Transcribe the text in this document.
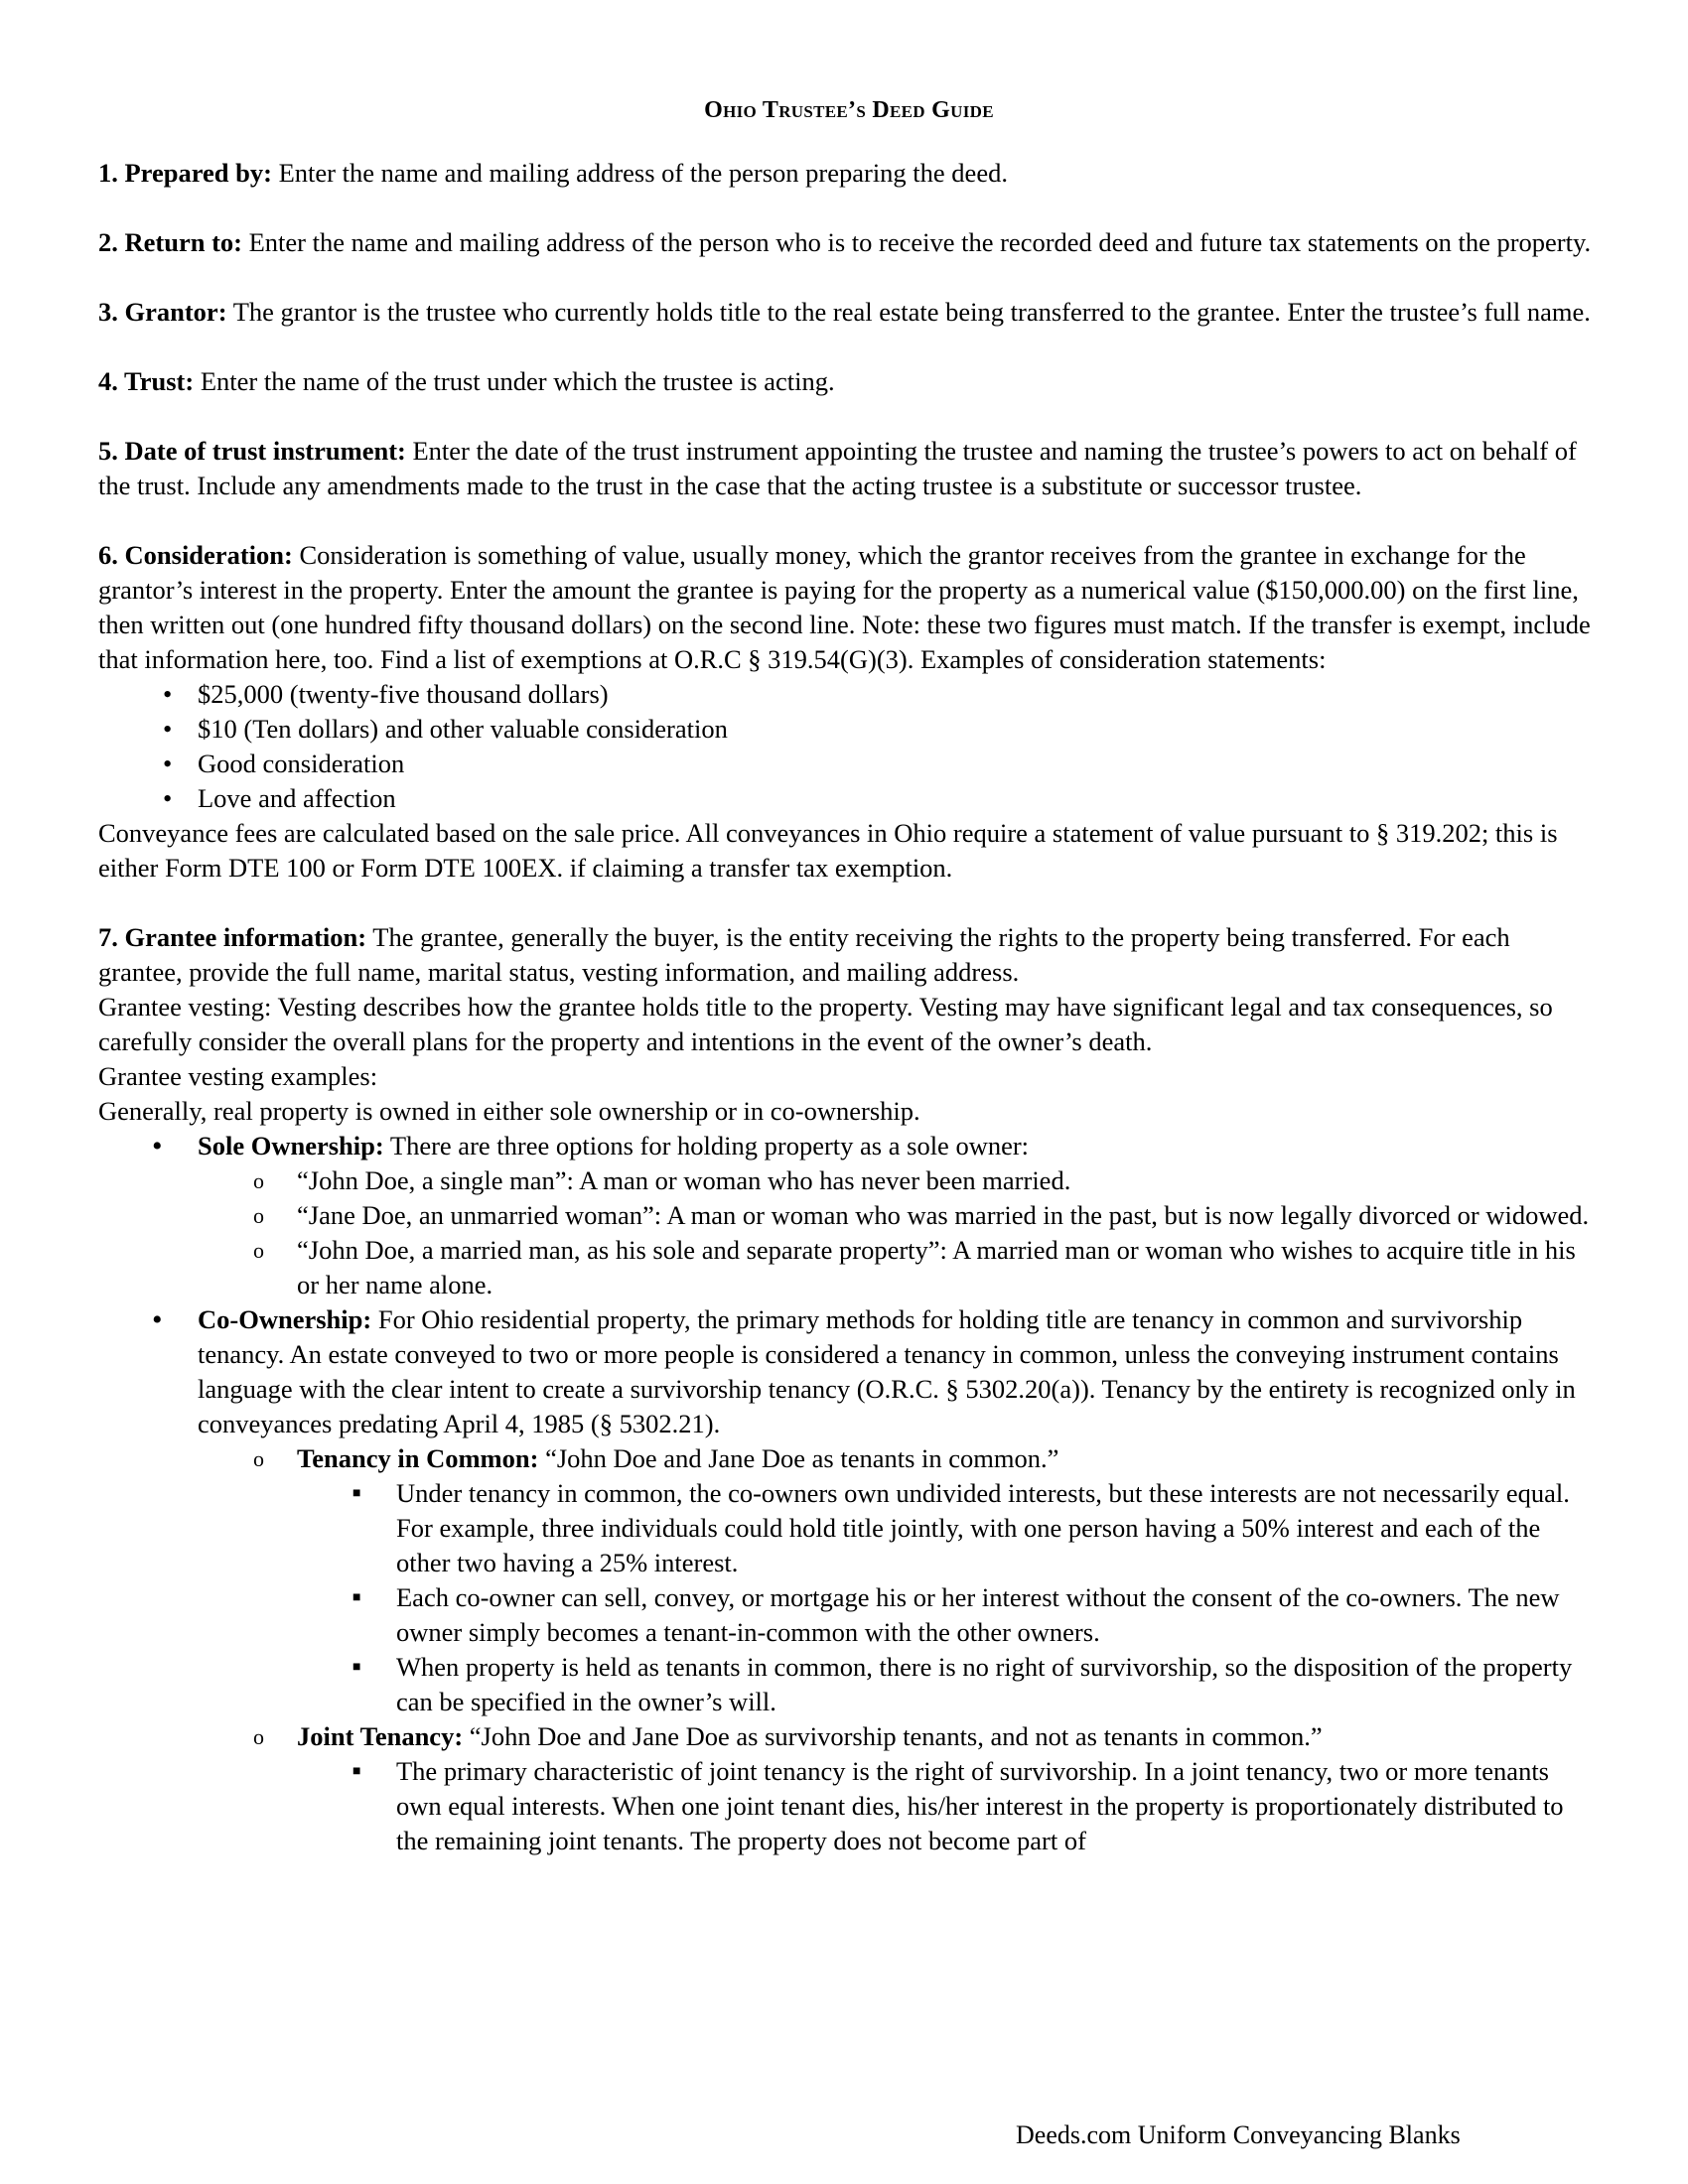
Ohio Trustee’s Deed Guide

1. Prepared by: Enter the name and mailing address of the person preparing the deed.

2. Return to: Enter the name and mailing address of the person who is to receive the recorded deed and future tax statements on the property.

3. Grantor: The grantor is the trustee who currently holds title to the real estate being transferred to the grantee. Enter the trustee’s full name.

4. Trust: Enter the name of the trust under which the trustee is acting.

5. Date of trust instrument: Enter the date of the trust instrument appointing the trustee and naming the trustee’s powers to act on behalf of the trust. Include any amendments made to the trust in the case that the acting trustee is a substitute or successor trustee.

6. Consideration: Consideration is something of value, usually money, which the grantor receives from the grantee in exchange for the grantor’s interest in the property. Enter the amount the grantee is paying for the property as a numerical value ($150,000.00) on the first line, then written out (one hundred fifty thousand dollars) on the second line. Note: these two figures must match. If the transfer is exempt, include that information here, too. Find a list of exemptions at O.R.C § 319.54(G)(3). Examples of consideration statements:

• $25,000 (twenty-five thousand dollars)
• $10 (Ten dollars) and other valuable consideration
• Good consideration
• Love and affection

Conveyance fees are calculated based on the sale price. All conveyances in Ohio require a statement of value pursuant to § 319.202; this is either Form DTE 100 or Form DTE 100EX. if claiming a transfer tax exemption.

7. Grantee information: The grantee, generally the buyer, is the entity receiving the rights to the property being transferred. For each grantee, provide the full name, marital status, vesting information, and mailing address.

Grantee vesting: Vesting describes how the grantee holds title to the property. Vesting may have significant legal and tax consequences, so carefully consider the overall plans for the property and intentions in the event of the owner’s death.

Grantee vesting examples:

Generally, real property is owned in either sole ownership or in co-ownership.

• Sole Ownership: There are three options for holding property as a sole owner:
o “John Doe, a single man”: A man or woman who has never been married.
o “Jane Doe, an unmarried woman”: A man or woman who was married in the past, but is now legally divorced or widowed.
o “John Doe, a married man, as his sole and separate property”: A married man or woman who wishes to acquire title in his or her name alone.
• Co-Ownership: For Ohio residential property, the primary methods for holding title are tenancy in common and survivorship tenancy. An estate conveyed to two or more people is considered a tenancy in common, unless the conveying instrument contains language with the clear intent to create a survivorship tenancy (O.R.C. § 5302.20(a)). Tenancy by the entirety is recognized only in conveyances predating April 4, 1985 (§ 5302.21).
o Tenancy in Common: “John Doe and Jane Doe as tenants in common.”
■ Under tenancy in common, the co-owners own undivided interests, but these interests are not necessarily equal. For example, three individuals could hold title jointly, with one person having a 50% interest and each of the other two having a 25% interest.
■ Each co-owner can sell, convey, or mortgage his or her interest without the consent of the co-owners. The new owner simply becomes a tenant-in-common with the other owners.
■ When property is held as tenants in common, there is no right of survivorship, so the disposition of the property can be specified in the owner’s will.
o Joint Tenancy: “John Doe and Jane Doe as survivorship tenants, and not as tenants in common.”
■ The primary characteristic of joint tenancy is the right of survivorship. In a joint tenancy, two or more tenants own equal interests. When one joint tenant dies, his/her interest in the property is proportionately distributed to the remaining joint tenants. The property does not become part of
Deeds.com Uniform Conveyancing Blanks
